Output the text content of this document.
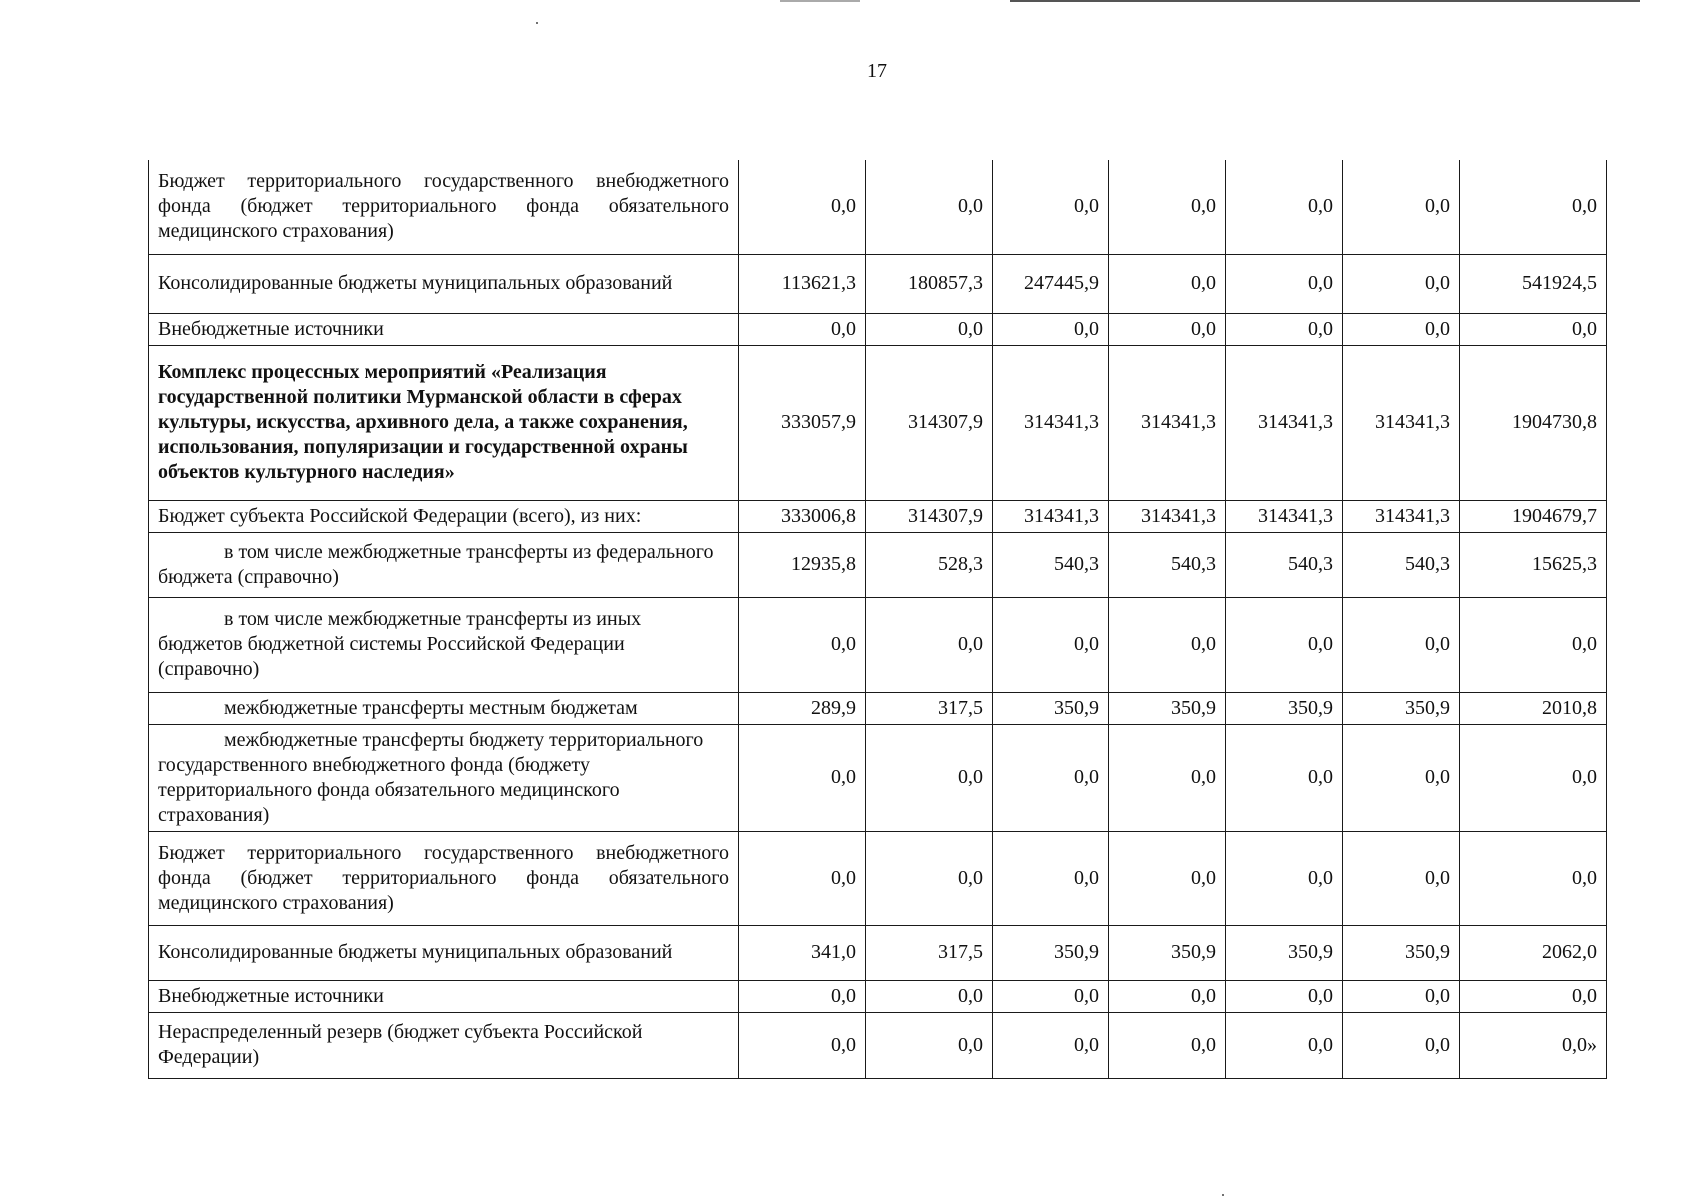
17
Бюджет территориального государственного внебюджетного фонда (бюджет территориального фонда обязательного медицинского страхования)	0,0	0,0	0,0	0,0	0,0	0,0	0,0
Консолидированные бюджеты муниципальных образований	113621,3	180857,3	247445,9	0,0	0,0	0,0	541924,5
Внебюджетные источники	0,0	0,0	0,0	0,0	0,0	0,0	0,0
Комплекс процессных мероприятий «Реализация государственной политики Мурманской области в сферах культуры, искусства, архивного дела, а также сохранения, использования, популяризации и государственной охраны объектов культурного наследия»	333057,9	314307,9	314341,3	314341,3	314341,3	314341,3	1904730,8
Бюджет субъекта Российской Федерации (всего), из них:	333006,8	314307,9	314341,3	314341,3	314341,3	314341,3	1904679,7
в том числе межбюджетные трансферты из федерального бюджета (справочно)	12935,8	528,3	540,3	540,3	540,3	540,3	15625,3
в том числе межбюджетные трансферты из иных бюджетов бюджетной системы Российской Федерации (справочно)	0,0	0,0	0,0	0,0	0,0	0,0	0,0
межбюджетные трансферты местным бюджетам	289,9	317,5	350,9	350,9	350,9	350,9	2010,8
межбюджетные трансферты бюджету территориального государственного внебюджетного фонда (бюджету территориального фонда обязательного медицинского страхования)	0,0	0,0	0,0	0,0	0,0	0,0	0,0
Бюджет территориального государственного внебюджетного фонда (бюджет территориального фонда обязательного медицинского страхования)	0,0	0,0	0,0	0,0	0,0	0,0	0,0
Консолидированные бюджеты муниципальных образований	341,0	317,5	350,9	350,9	350,9	350,9	2062,0
Внебюджетные источники	0,0	0,0	0,0	0,0	0,0	0,0	0,0
Нераспределенный резерв (бюджет субъекта Российской Федерации)	0,0	0,0	0,0	0,0	0,0	0,0	0,0»
